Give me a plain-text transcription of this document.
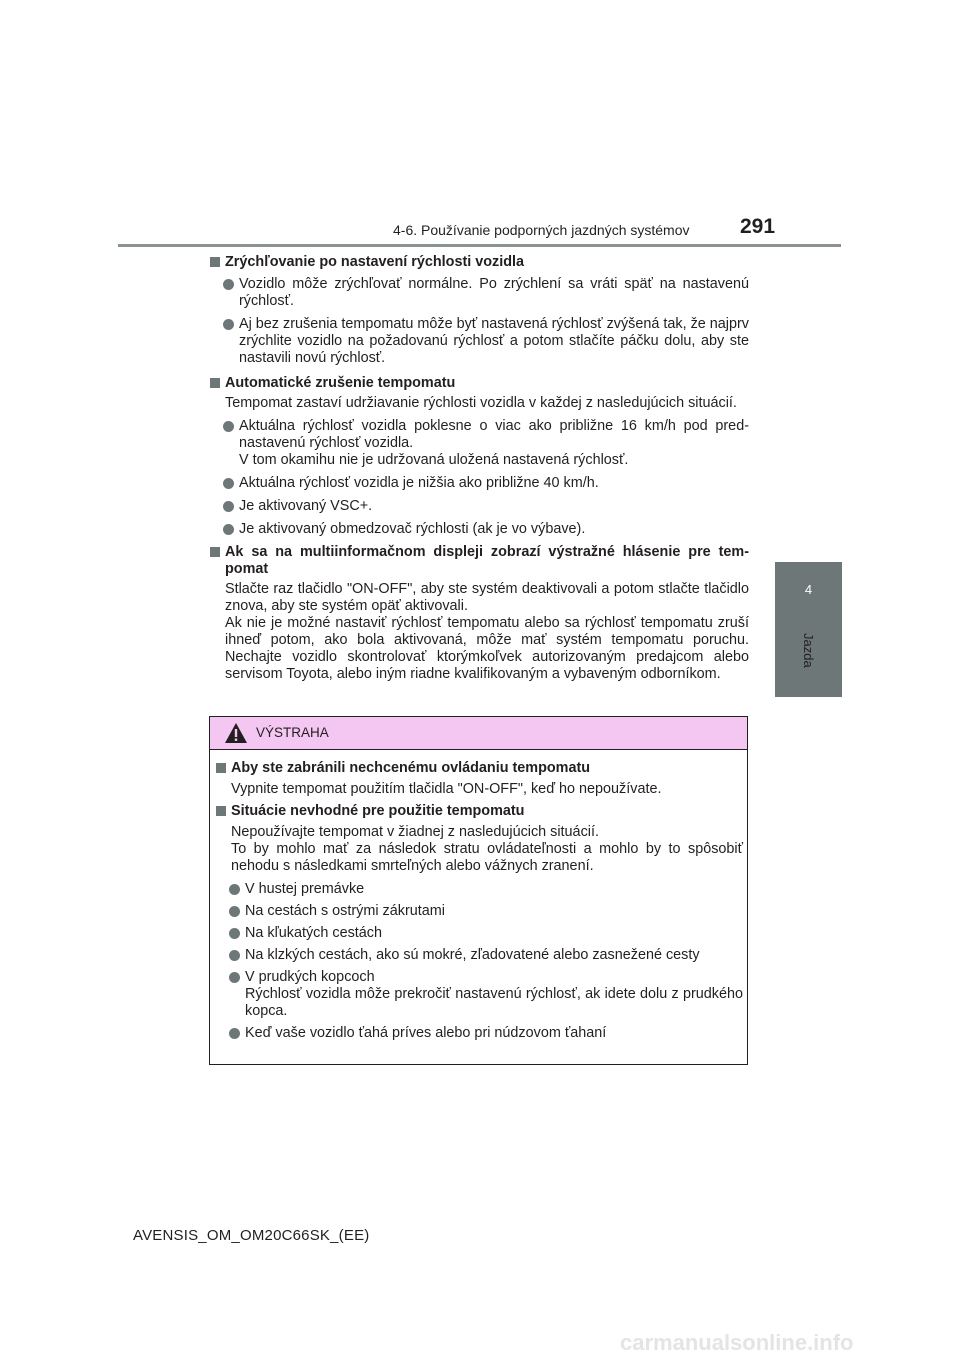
4-6. Používanie podporných jazdných systémov	291
4
Jazda
Zrýchľovanie po nastavení rýchlosti vozidla
Vozidlo môže zrýchľovať normálne. Po zrýchlení sa vráti späť na nastavenú rýchlosť.
Aj bez zrušenia tempomatu môže byť nastavená rýchlosť zvýšená tak, že najprv zrýchlite vozidlo na požadovanú rýchlosť a potom stlačíte páčku dolu, aby ste nastavili novú rýchlosť.
Automatické zrušenie tempomatu
Tempomat zastaví udržiavanie rýchlosti vozidla v každej z nasledujúcich situácií.
Aktuálna rýchlosť vozidla poklesne o viac ako približne 16 km/h pod prednastavenú rýchlosť vozidla.
V tom okamihu nie je udržovaná uložená nastavená rýchlosť.
Aktuálna rýchlosť vozidla je nižšia ako približne 40 km/h.
Je aktivovaný VSC+.
Je aktivovaný obmedzovač rýchlosti (ak je vo výbave).
Ak sa na multiinformačnom displeji zobrazí výstražné hlásenie pre tempomat
Stlačte raz tlačidlo "ON-OFF", aby ste systém deaktivovali a potom stlačte tlačidlo znova, aby ste systém opäť aktivovali.
Ak nie je možné nastaviť rýchlosť tempomatu alebo sa rýchlosť tempomatu zruší ihneď potom, ako bola aktivovaná, môže mať systém tempomatu poruchu. Nechajte vozidlo skontrolovať ktorýmkoľvek autorizovaným predajcom alebo servisom Toyota, alebo iným riadne kvalifikovaným a vybaveným odborníkom.
VÝSTRAHA
Aby ste zabránili nechcenému ovládaniu tempomatu
Vypnite tempomat použitím tlačidla "ON-OFF", keď ho nepoužívate.
Situácie nevhodné pre použitie tempomatu
Nepoužívajte tempomat v žiadnej z nasledujúcich situácií.
To by mohlo mať za následok stratu ovládateľnosti a mohlo by to spôsobiť nehodu s následkami smrteľných alebo vážnych zranení.
V hustej premávke
Na cestách s ostrými zákrutami
Na kľukatých cestách
Na klzkých cestách, ako sú mokré, zľadovatené alebo zasnežené cesty
V prudkých kopcoch
Rýchlosť vozidla môže prekročiť nastavenú rýchlosť, ak idete dolu z prudkého kopca.
Keď vaše vozidlo ťahá príves alebo pri núdzovom ťahaní
AVENSIS_OM_OM20C66SK_(EE)
carmanualsonline.info
